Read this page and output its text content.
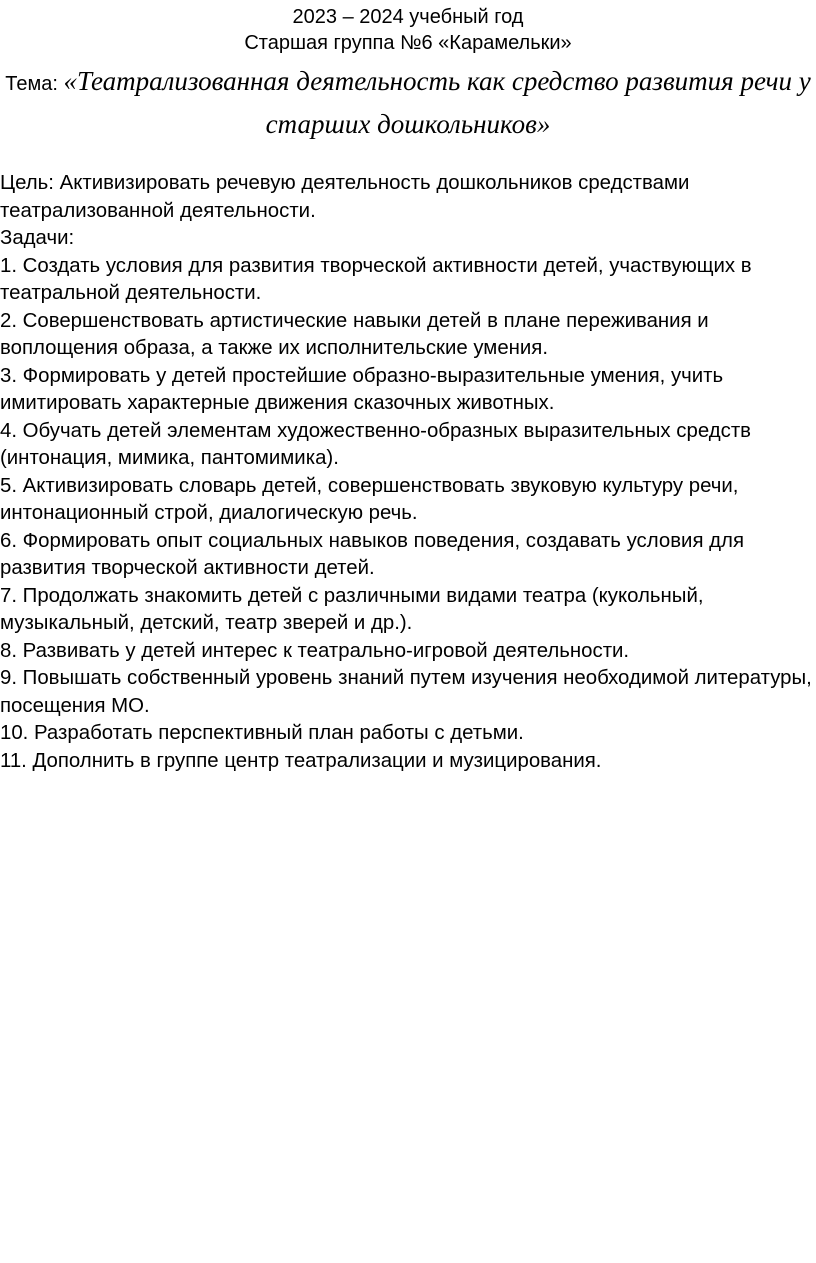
2023 – 2024 учебный год
Старшая группа №6 «Карамельки»
Тема: «Театрализованная деятельность как средство развития речи у старших дошкольников»

Цель: Активизировать речевую деятельность дошкольников средствами театрализованной деятельности.

Задачи:

1. Создать условия для развития творческой активности детей, участвующих в театральной деятельности.
2. Совершенствовать артистические навыки детей в плане переживания и воплощения образа, а также их исполнительские умения.
3. Формировать у детей простейшие образно-выразительные умения, учить имитировать характерные движения сказочных животных.
4. Обучать детей элементам художественно-образных выразительных средств (интонация, мимика, пантомимика).
5. Активизировать словарь детей, совершенствовать звуковую культуру речи, интонационный строй, диалогическую речь.
6. Формировать опыт социальных навыков поведения, создавать условия для развития творческой активности детей.
7. Продолжать знакомить детей с различными видами театра (кукольный, музыкальный, детский, театр зверей и др.).
8. Развивать у детей интерес к театрально-игровой деятельности.
9. Повышать собственный уровень знаний путем изучения необходимой литературы, посещения МО.
10. Разработать перспективный план работы с детьми.
11. Дополнить в группе центр театрализации и музицирования.
